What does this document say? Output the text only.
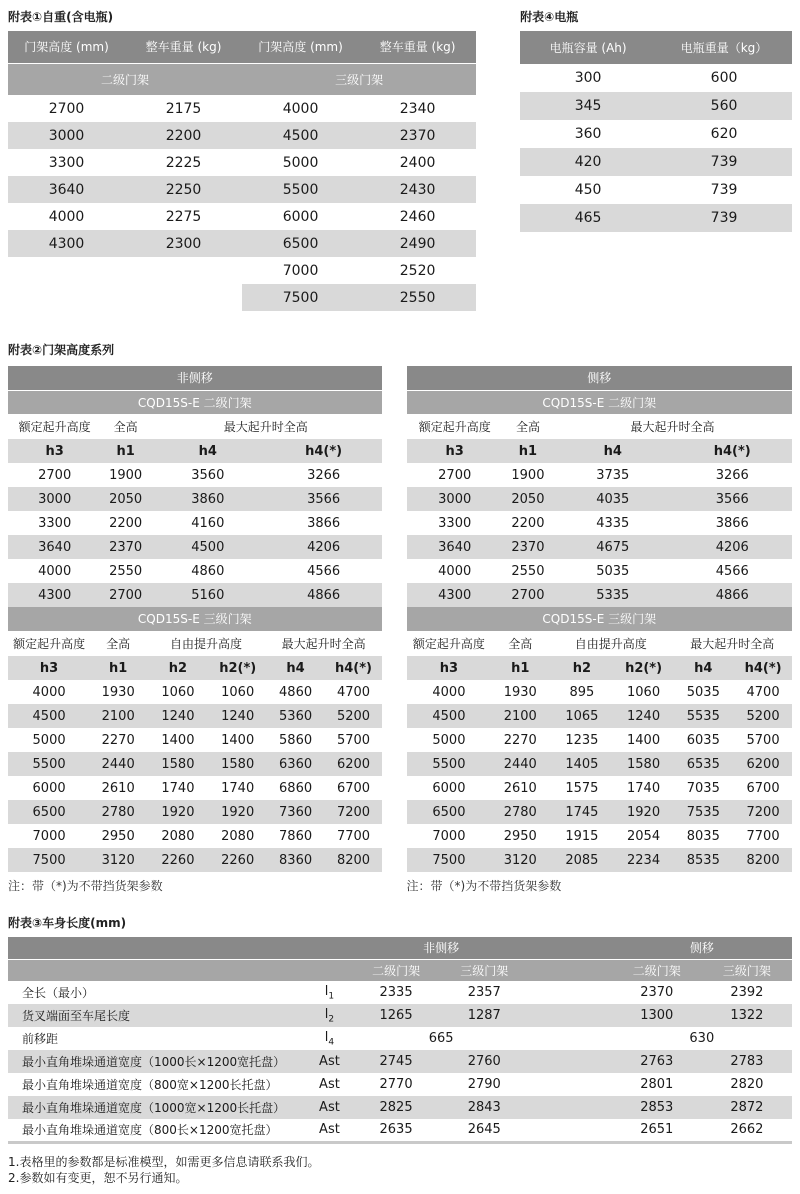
附表①自重(含电瓶)
门架高度 (mm)	整车重量 (kg)	门架高度 (mm)	整车重量 (kg)
二级门架		三级门架	
2700	2175	4000	2340
3000	2200	4500	2370
3300	2225	5000	2400
3640	2250	5500	2430
4000	2275	6000	2460
4300	2300	6500	2490
		7000	2520
		7500	2550
附表④电瓶
电瓶容量 (Ah)	电瓶重量（kg）
300	600
345	560
360	620
420	739
450	739
465	739
附表②门架高度系列
非侧移			
CQD15S-E 二级门架			
额定起升高度	全高	最大起升时全高	
h3	h1	h4	h4(*)
2700	1900	3560	3266
3000	2050	3860	3566
3300	2200	4160	3866
3640	2370	4500	4206
4000	2550	4860	4566
4300	2700	5160	4866
CQD15S-E 三级门架					
额定起升高度	全高	自由提升高度		最大起升时全高	
h3	h1	h2	h2(*)	h4	h4(*)
4000	1930	1060	1060	4860	4700
4500	2100	1240	1240	5360	5200
5000	2270	1400	1400	5860	5700
5500	2440	1580	1580	6360	6200
6000	2610	1740	1740	6860	6700
6500	2780	1920	1920	7360	7200
7000	2950	2080	2080	7860	7700
7500	3120	2260	2260	8360	8200
注：带（*)为不带挡货架参数
侧移			
CQD15S-E 二级门架			
额定起升高度	全高	最大起升时全高	
h3	h1	h4	h4(*)
2700	1900	3735	3266
3000	2050	4035	3566
3300	2200	4335	3866
3640	2370	4675	4206
4000	2550	5035	4566
4300	2700	5335	4866
CQD15S-E 三级门架					
额定起升高度	全高	自由提升高度		最大起升时全高	
h3	h1	h2	h2(*)	h4	h4(*)
4000	1930	895	1060	5035	4700
4500	2100	1065	1240	5535	5200
5000	2270	1235	1400	6035	5700
5500	2440	1405	1580	6535	6200
6000	2610	1575	1740	7035	6700
6500	2780	1745	1920	7535	7200
7000	2950	1915	2054	8035	7700
7500	3120	2085	2234	8535	8200
注：带（*)为不带挡货架参数
附表③车身长度(mm)
		非侧移			侧移	
		二级门架	三级门架		二级门架	三级门架
全长（最小）	$l_1$	2335	2357		2370	2392
货叉端面至车尾长度	$l_2$	1265	1287		1300	1322
前移距	$l_4$	665			630	
最小直角堆垛通道宽度（1000长×1200宽托盘）	Ast	2745	2760		2763	2783
最小直角堆垛通道宽度（800宽×1200长托盘）	Ast	2770	2790		2801	2820
最小直角堆垛通道宽度（1000宽×1200长托盘）	Ast	2825	2843		2853	2872
最小直角堆垛通道宽度（800长×1200宽托盘）	Ast	2635	2645		2651	2662
1.表格里的参数都是标准模型，如需更多信息请联系我们。
2.参数如有变更，恕不另行通知。
